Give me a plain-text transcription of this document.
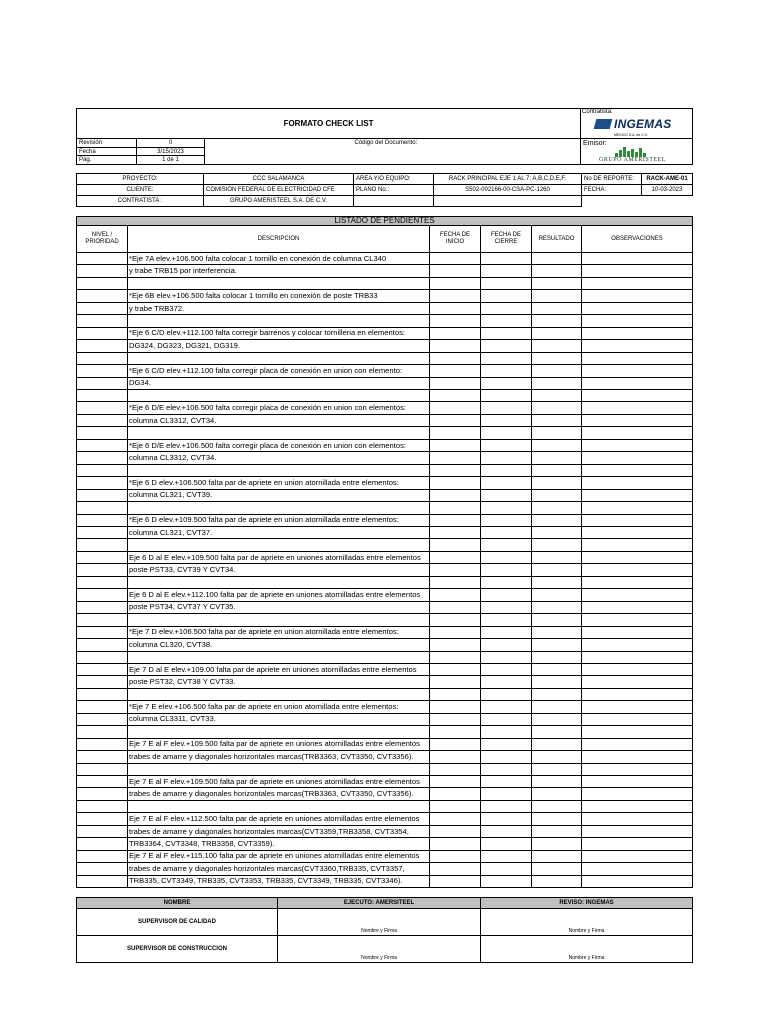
FORMATO CHECK LIST				Contratista:
INGEMAS
MEXICO S.A. de C.V.

Revisión	0		Código del Documento:	Emisor:
GRUPO AMERISTEEL

Fecha	3/15/2023			
Pág.	1 de 1			
PROYECTO:	CCC SALAMANCA	AREA Y/O EQUIPO:	RACK PRINCIPAL EJE 1 AL 7; A,B,C,D,E,F.	No DE REPORTE:	RACK-AME-01
CLIENTE:	COMISION FEDERAL DE ELECTRICIDAD CFE	PLANO No.:	S502-002166-00-CSA-PC-1260	FECHA:	10-03-2023
CONTRATISTA :	GRUPO AMERISTEEL S.A. DE C.V.				
LISTADO DE PENDIENTES					
NIVEL / PRIORIDAD	DESCRIPCION	FECHA DE INICIO	FECHA DE CIERRE	RESULTADO	OBSERVACIONES
	*Eje 7A elev.+106.500 falta colocar 1 tornillo en conexión de columna CL340				
	y trabe TRB15 por interferencia.				

	*Eje 6B elev.+106.500 falta colocar 1 tornillo en conexión de poste TRB33				
	y trabe TRB372.				

	*Eje 6 C/D elev.+112.100 falta corregir barrenos y colocar tornilleria en elementos:				
	DG324, DG323, DG321, DG319.				

	*Eje 6 C/D elev.+112.100 falta corregir placa de conexión en union con elemento:				
	DG34.				

	*Eje 6 D/E elev.+106.500 falta corregir placa de conexión en union con elementos:				
	columna CL3312, CVT34.				

	*Eje 6 D/E elev.+106.500 falta corregir placa de conexión en union con elementos:				
	columna CL3312, CVT34.				

	*Eje 6 D elev.+106.500 falta par de apriete en union atornillada entre elementos:				
	columna CL321, CVT39.				

	*Eje 6 D elev.+109.500 falta par de apriete en union atornillada entre elementos:				
	columna CL321, CVT37.				

	Eje 6 D al E elev.+109.500 falta par de apriete en uniones atornilladas entre elementos				
	poste PST33, CVT39 Y CVT34.				

	Eje 6 D al E elev.+112.100 falta par de apriete en uniones atornilladas entre elementos				
	poste PST34, CVT37 Y CVT35.				

	*Eje 7 D elev.+106.500 falta par de apriete en union atornillada entre elementos:				
	columna CL320, CVT38.				

	Eje 7 D al E elev.+109.00 falta par de apriete en uniones atornilladas entre elementos				
	poste PST32, CVT38 Y CVT33.				

	*Eje 7 E elev.+106.500 falta par de apriete en union atornillada entre elementos:				
	columna CL3311, CVT33.				

	Eje 7 E al F elev.+109.500 falta par de apriete en uniones atornilladas entre elementos				
	trabes de amarre y diagonales horizontales marcas(TRB3363, CVT3350, CVT3356).				

	Eje 7 E al F elev.+109.500 falta par de apriete en uniones atornilladas entre elementos				
	trabes de amarre y diagonales horizontales marcas(TRB3363, CVT3350, CVT3356).				

	Eje 7 E al F elev.+112.500 falta par de apriete en uniones atornilladas entre elementos				
	trabes de amarre y diagonales horizontales marcas(CVT3359,TRB3358, CVT3354,				
	TRB3364, CVT3348, TRB3358, CVT3359).				
	Eje 7 E al F elev.+115.100 falta par de apriete en uniones atornilladas entre elementos				
	trabes de amarre y diagonales horizontales marcas(CVT3360,TRB335, CVT3357,				
	TRB335, CVT3349, TRB335, CVT3353, TRB335, CVT3349, TRB335, CVT3346).				
NOMBRE	EJECUTO: AMERSITEEL	REVISO: INGEMAS
SUPERVISOR DE CALIDAD	Nombre y Firma	Nombre y Firma
SUPERVISOR DE CONSTRUCCION	Nombre y Firma	Nombre y Firma
